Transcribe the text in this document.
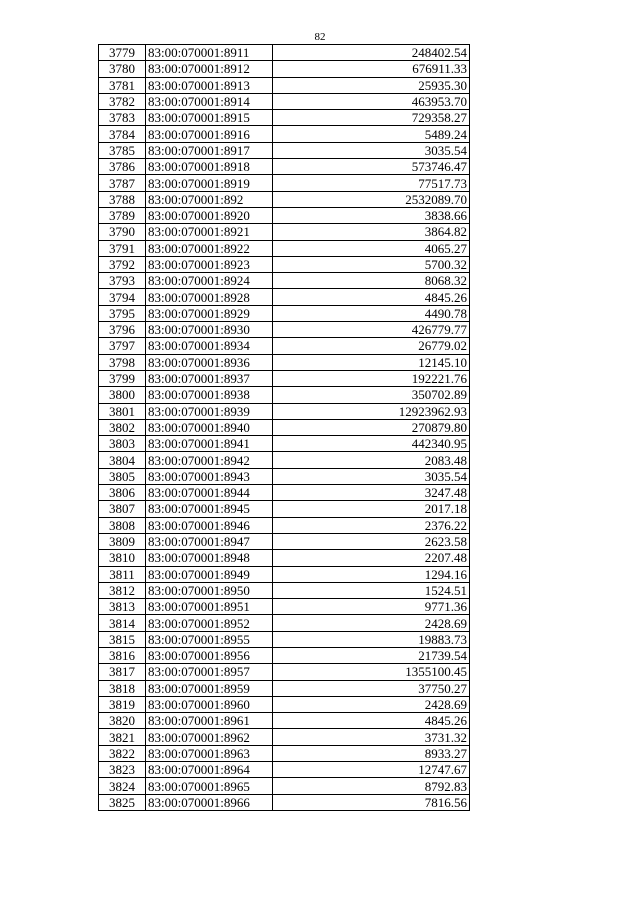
82
3779	83:00:070001:8911	248402.54
3780	83:00:070001:8912	676911.33
3781	83:00:070001:8913	25935.30
3782	83:00:070001:8914	463953.70
3783	83:00:070001:8915	729358.27
3784	83:00:070001:8916	5489.24
3785	83:00:070001:8917	3035.54
3786	83:00:070001:8918	573746.47
3787	83:00:070001:8919	77517.73
3788	83:00:070001:892	2532089.70
3789	83:00:070001:8920	3838.66
3790	83:00:070001:8921	3864.82
3791	83:00:070001:8922	4065.27
3792	83:00:070001:8923	5700.32
3793	83:00:070001:8924	8068.32
3794	83:00:070001:8928	4845.26
3795	83:00:070001:8929	4490.78
3796	83:00:070001:8930	426779.77
3797	83:00:070001:8934	26779.02
3798	83:00:070001:8936	12145.10
3799	83:00:070001:8937	192221.76
3800	83:00:070001:8938	350702.89
3801	83:00:070001:8939	12923962.93
3802	83:00:070001:8940	270879.80
3803	83:00:070001:8941	442340.95
3804	83:00:070001:8942	2083.48
3805	83:00:070001:8943	3035.54
3806	83:00:070001:8944	3247.48
3807	83:00:070001:8945	2017.18
3808	83:00:070001:8946	2376.22
3809	83:00:070001:8947	2623.58
3810	83:00:070001:8948	2207.48
3811	83:00:070001:8949	1294.16
3812	83:00:070001:8950	1524.51
3813	83:00:070001:8951	9771.36
3814	83:00:070001:8952	2428.69
3815	83:00:070001:8955	19883.73
3816	83:00:070001:8956	21739.54
3817	83:00:070001:8957	1355100.45
3818	83:00:070001:8959	37750.27
3819	83:00:070001:8960	2428.69
3820	83:00:070001:8961	4845.26
3821	83:00:070001:8962	3731.32
3822	83:00:070001:8963	8933.27
3823	83:00:070001:8964	12747.67
3824	83:00:070001:8965	8792.83
3825	83:00:070001:8966	7816.56
